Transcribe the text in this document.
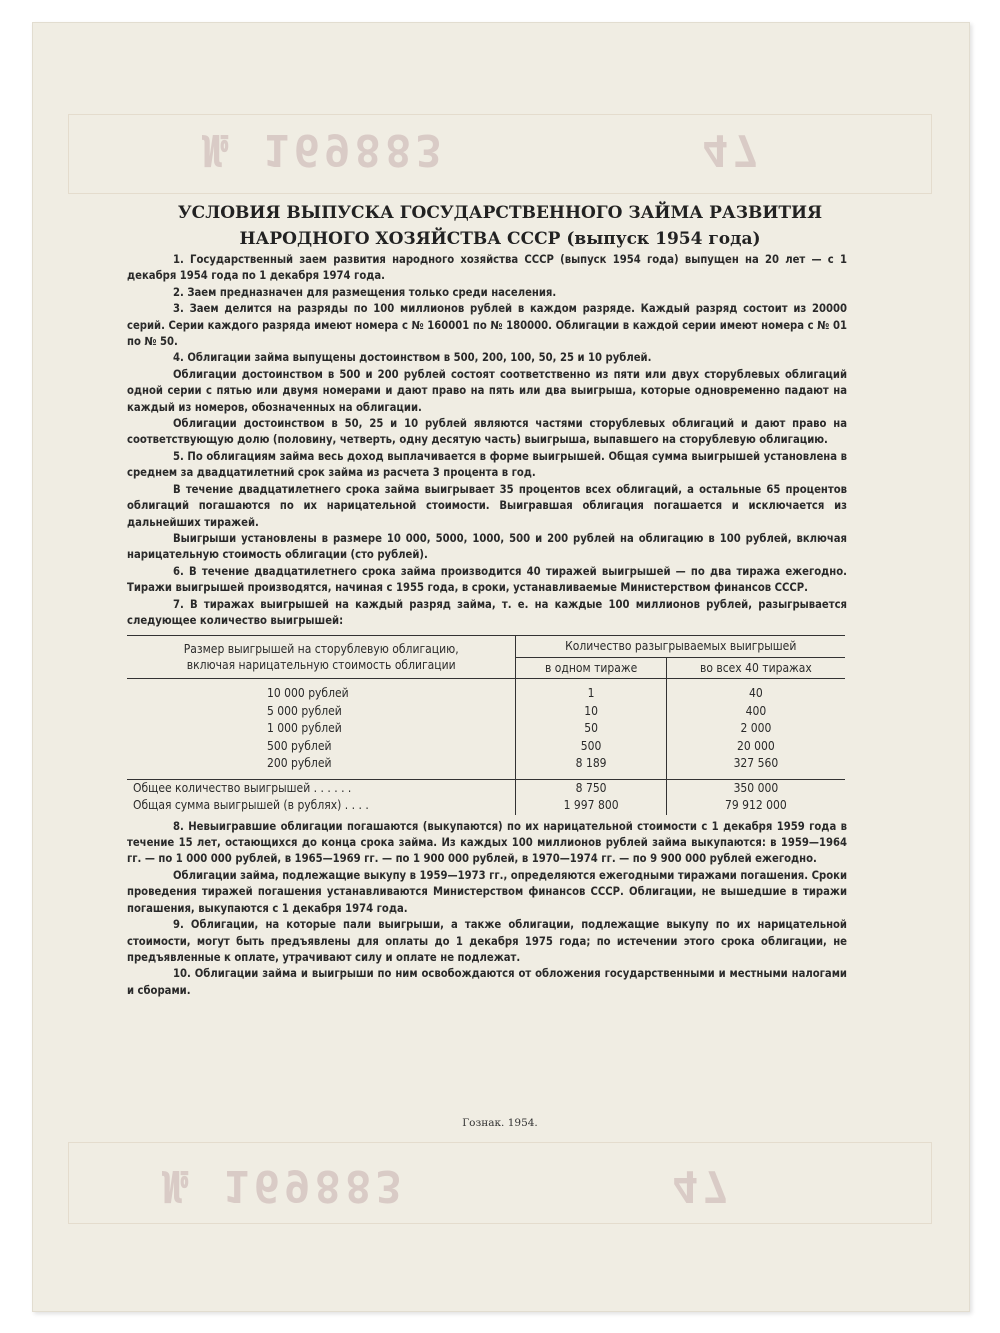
№ 169883	47
№ 169883	47
УСЛОВИЯ ВЫПУСКА ГОСУДАРСТВЕННОГО ЗАЙМА РАЗВИТИЯ
НАРОДНОГО ХОЗЯЙСТВА СССР (выпуск 1954 года)

1. Государственный заем развития народного хозяйства СССР (выпуск 1954 года) выпущен на 20 лет — с 1 декабря 1954 года по 1 декабря 1974 года.

2. Заем предназначен для размещения только среди населения.

3. Заем делится на разряды по 100 миллионов рублей в каждом разряде. Каждый разряд состоит из 20000 серий. Серии каждого разряда имеют номера с № 160001 по № 180000. Облигации в каждой серии имеют номера с № 01 по № 50.

4. Облигации займа выпущены достоинством в 500, 200, 100, 50, 25 и 10 рублей.

Облигации достоинством в 500 и 200 рублей состоят соответственно из пяти или двух сторублевых облигаций одной серии с пятью или двумя номерами и дают право на пять или два выигрыша, которые одновременно падают на каждый из номеров, обозначенных на облигации.

Облигации достоинством в 50, 25 и 10 рублей являются частями сторублевых облигаций и дают право на соответствующую долю (половину, четверть, одну десятую часть) выигрыша, выпавшего на сторублевую облигацию.

5. По облигациям займа весь доход выплачивается в форме выигрышей. Общая сумма выигрышей установлена в среднем за двадцатилетний срок займа из расчета 3 процента в год.

В течение двадцатилетнего срока займа выигрывает 35 процентов всех облигаций, а остальные 65 процентов облигаций погашаются по их нарицательной стоимости. Выигравшая облигация погашается и исключается из дальнейших тиражей.

Выигрыши установлены в размере 10 000, 5000, 1000, 500 и 200 рублей на облигацию в 100 рублей, включая нарицательную стоимость облигации (сто рублей).

6. В течение двадцатилетнего срока займа производится 40 тиражей выигрышей — по два тиража ежегодно. Тиражи выигрышей производятся, начиная с 1955 года, в сроки, устанавливаемые Министерством финансов СССР.

7. В тиражах выигрышей на каждый разряд займа, т. е. на каждые 100 миллионов рублей, разыгрывается следующее количество выигрышей:

Размер выигрышей на сторублевую облигацию,
включая нарицательную стоимость облигации	Количество разыгрываемых выигрышей	
	в одном тираже	во всех 40 тиражах

10 000 рублей	1	40
5 000 рублей	10	400
1 000 рублей	50	2 000
500 рублей	500	20 000
200 рублей	8 189	327 560

Общее количество выигрышей . . . . . .	8 750	350 000
Общая сумма выигрышей (в рублях) . . . .	1 997 800	79 912 000

8. Невыигравшие облигации погашаются (выкупаются) по их нарицательной стоимости с 1 декабря 1959 года в течение 15 лет, остающихся до конца срока займа. Из каждых 100 миллионов рублей займа выкупаются: в 1959—1964 гг. — по 1 000 000 рублей, в 1965—1969 гг. — по 1 900 000 рублей, в 1970—1974 гг. — по 9 900 000 рублей ежегодно.

Облигации займа, подлежащие выкупу в 1959—1973 гг., определяются ежегодными тиражами погашения. Сроки проведения тиражей погашения устанавливаются Министерством финансов СССР. Облигации, не вышедшие в тиражи погашения, выкупаются с 1 декабря 1974 года.

9. Облигации, на которые пали выигрыши, а также облигации, подлежащие выкупу по их нарицательной стоимости, могут быть предъявлены для оплаты до 1 декабря 1975 года; по истечении этого срока облигации, не предъявленные к оплате, утрачивают силу и оплате не подлежат.

10. Облигации займа и выигрыши по ним освобождаются от обложения государственными и местными налогами и сборами.

Гознак. 1954.
